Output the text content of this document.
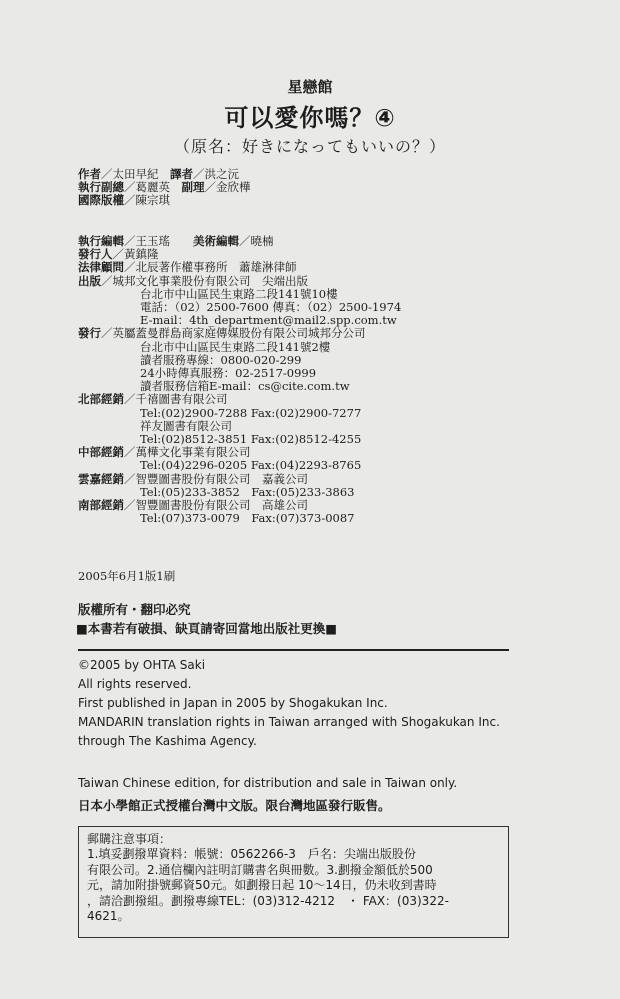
星戀館
可以愛你嗎？④
（原名：好きになってもいいの？）
作者／太田早紀　 譯者／洪之沅
執行副總／葛麗英　 副理／金欣樺
國際版權／陳宗琪
執行編輯／王玉瑤　　美術編輯／曉楠
發行人／黃鎮隆
法律顧問／北辰著作權事務所　蕭雄淋律師
出版／城邦文化事業股份有限公司　尖端出版
台北市中山區民生東路二段141號10樓
電話：（02）2500-7600 傳真：（02）2500-1974
E-mail：4th_department@mail2.spp.com.tw
發行／英屬蓋曼群島商家庭傳媒股份有限公司城邦分公司
台北市中山區民生東路二段141號2樓
讀者服務專線：0800-020-299
24小時傳真服務：02-2517-0999
讀者服務信箱E-mail：cs@cite.com.tw
北部經銷／千禧圖書有限公司
Tel:(02)2900-7288 Fax:(02)2900-7277
祥友圖書有限公司
Tel:(02)8512-3851 Fax:(02)8512-4255
中部經銷／萬樺文化事業有限公司
Tel:(04)2296-0205 Fax:(04)2293-8765
雲嘉經銷／智豐圖書股份有限公司　嘉義公司
Tel:(05)233-3852　Fax:(05)233-3863
南部經銷／智豐圖書股份有限公司　高雄公司
Tel:(07)373-0079　Fax:(07)373-0087
2005年6月1版1刷
版權所有・翻印必究
■本書若有破損、缺頁請寄回當地出版社更換■
©2005 by OHTA Saki
All rights reserved.
First published in Japan in 2005 by Shogakukan Inc.
MANDARIN translation rights in Taiwan arranged with Shogakukan Inc.
through The Kashima Agency.
Taiwan Chinese edition, for distribution and sale in Taiwan only.
日本小學館正式授權台灣中文版。限台灣地區發行販售。
郵購注意事項：
1.填妥劃撥單資料：帳號：0562266-3　戶名：尖端出版股份
有限公司。2.通信欄內註明訂購書名與冊數。3.劃撥金額低於500
元，請加附掛號郵資50元。如劃撥日起 10～14日，仍未收到書時
，請洽劃撥組。劃撥專線TEL：(03)312-4212　・ FAX：(03)322-
4621。
